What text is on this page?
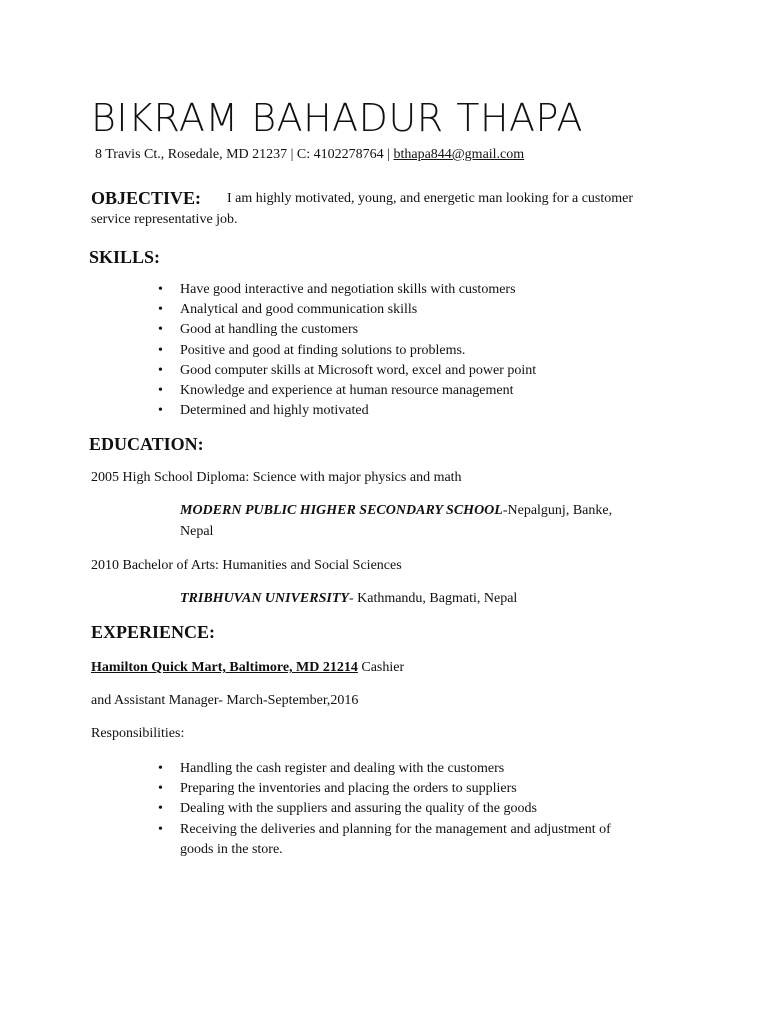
BIKRAM BAHADUR THAPA
8 Travis Ct., Rosedale, MD 21237 | C: 4102278764 | bthapa844@gmail.com
OBJECTIVE: I am highly motivated, young, and energetic man looking for a customer
service representative job.
SKILLS:
• Have good interactive and negotiation skills with customers
• Analytical and good communication skills
• Good at handling the customers
• Positive and good at finding solutions to problems.
• Good computer skills at Microsoft word, excel and power point
• Knowledge and experience at human resource management
• Determined and highly motivated
EDUCATION:
2005 High School Diploma: Science with major physics and math
MODERN PUBLIC HIGHER SECONDARY SCHOOL-Nepalgunj, Banke,
Nepal
2010 Bachelor of Arts: Humanities and Social Sciences
TRIBHUVAN UNIVERSITY- Kathmandu, Bagmati, Nepal
EXPERIENCE:
Hamilton Quick Mart, Baltimore, MD 21214 Cashier
and Assistant Manager- March-September,2016
Responsibilities:
• Handling the cash register and dealing with the customers
• Preparing the inventories and placing the orders to suppliers
• Dealing with the suppliers and assuring the quality of the goods
• Receiving the deliveries and planning for the management and adjustment of
goods in the store.
